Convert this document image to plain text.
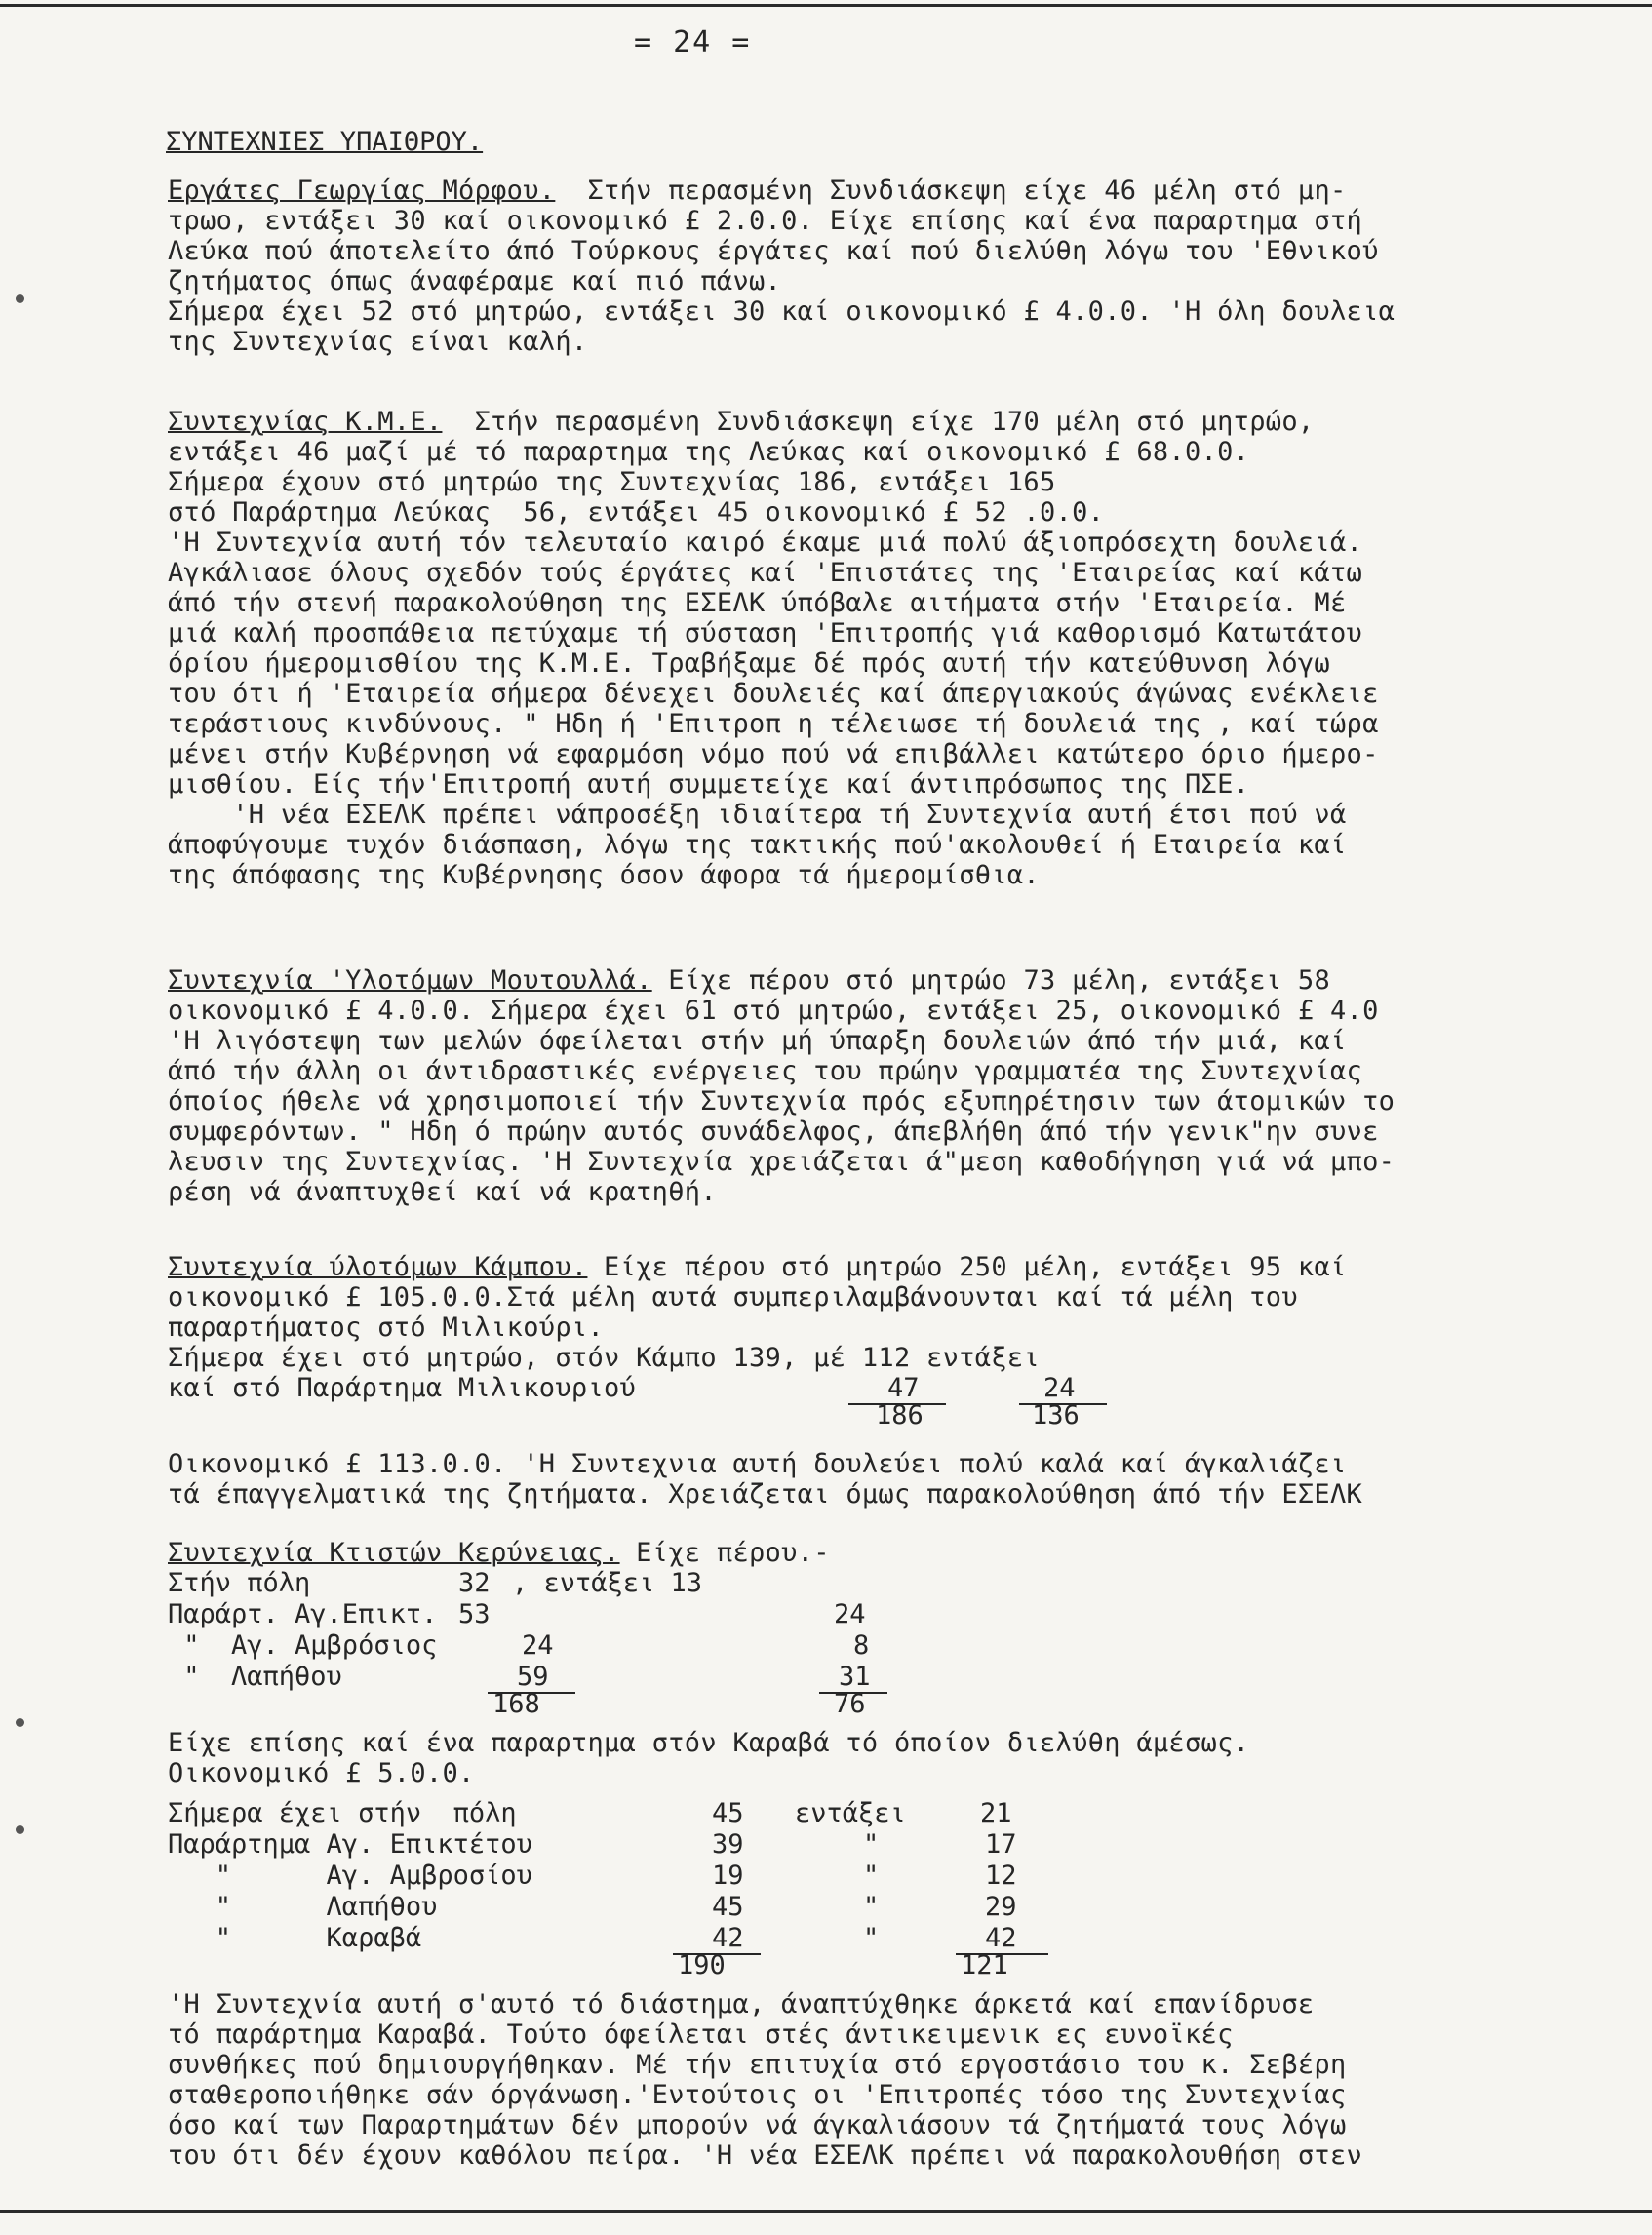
= 24 =
ΣΥΝΤΕΧΝΙΕΣ ΥΠΑΙΘΡΟΥ.
Εργάτες Γεωργίας Μόρφου.  Στήν περασμένη Συνδιάσκεψη είχε 46 μέλη στό μη-
τρωο, εντάξει 30 καί οικονομικό £ 2.0.0. Είχε επίσης καί ένα παραρτημα στή
Λεύκα πού άποτελείτο άπό Τούρκους έργάτες καί πού διελύθη λόγω του 'Εθνικού
ζητήματος όπως άναφέραμε καί πιό πάνω.
Σήμερα έχει 52 στό μητρώο, εντάξει 30 καί οικονομικό £ 4.0.0. 'Η όλη δουλεια
της Συντεχνίας είναι καλή.
Συντεχνίας Κ.Μ.Ε.  Στήν περασμένη Συνδιάσκεψη είχε 170 μέλη στό μητρώο,
εντάξει 46 μαζί μέ τό παραρτημα της Λεύκας καί οικονομικό £ 68.0.0.
Σήμερα έχουν στό μητρώο της Συντεχνίας 186, εντάξει 165
στό Παράρτημα Λεύκας  56, εντάξει 45 οικονομικό £ 52 .0.0.
'Η Συντεχνία αυτή τόν τελευταίο καιρό έκαμε μιά πολύ άξιοπρόσεχτη δουλειά.
Αγκάλιασε όλους σχεδόν τούς έργάτες καί 'Επιστάτες της 'Εταιρείας καί κάτω
άπό τήν στενή παρακολούθηση της ΕΣΕΛΚ ύπόβαλε αιτήματα στήν 'Εταιρεία. Μέ
μιά καλή προσπάθεια πετύχαμε τή σύσταση 'Επιτροπής γιά καθορισμό Κατωτάτου
όρίου ήμερομισθίου της Κ.Μ.Ε. Τραβήξαμε δέ πρός αυτή τήν κατεύθυνση λόγω
του ότι ή 'Εταιρεία σήμερα δένεχει δουλειές καί άπεργιακούς άγώνας ενέκλειε
τεράστιους κινδύνους. " Ηδη ή 'Επιτροπ η τέλειωσε τή δουλειά της , καί τώρα
μένει στήν Κυβέρνηση νά εφαρμόση νόμο πού νά επιβάλλει κατώτερο όριο ήμερο-
μισθίου. Είς τήν'Επιτροπή αυτή συμμετείχε καί άντιπρόσωπος της ΠΣΕ.
'Η νέα ΕΣΕΛΚ πρέπει νάπροσέξη ιδιαίτερα τή Συντεχνία αυτή έτσι πού νά
άποφύγουμε τυχόν διάσπαση, λόγω της τακτικής πού'ακολουθεί ή Εταιρεία καί
της άπόφασης της Κυβέρνησης όσον άφορα τά ήμερομίσθια.
Συντεχνία 'Υλοτόμων Μουτουλλά. Είχε πέρου στό μητρώο 73 μέλη, εντάξει 58
οικονομικό £ 4.0.0. Σήμερα έχει 61 στό μητρώο, εντάξει 25, οικονομικό £ 4.0
'Η λιγόστεψη των μελών όφείλεται στήν μή ύπαρξη δουλειών άπό τήν μιά, καί
άπό τήν άλλη οι άντιδραστικές ενέργειες του πρώην γραμματέα της Συντεχνίας
όποίος ήθελε νά χρησιμοποιεί τήν Συντεχνία πρός εξυπηρέτησιν των άτομικών το
συμφερόντων. " Ηδη ό πρώην αυτός συνάδελφος, άπεβλήθη άπό τήν γενικ"ην συνε
λευσιν της Συντεχνίας. 'Η Συντεχνία χρειάζεται ά"μεση καθοδήγηση γιά νά μπο-
ρέση νά άναπτυχθεί καί νά κρατηθή.
Συντεχνία ύλοτόμων Κάμπου. Είχε πέρου στό μητρώο 250 μέλη, εντάξει 95 καί
οικονομικό £ 105.0.0.Στά μέλη αυτά συμπεριλαμβάνουνται καί τά μέλη του
παραρτήματος στό Μιλικούρι.
Σήμερα έχει στό μητρώο, στόν Κάμπο 139, μέ 112 εντάξει
καί στό Παράρτημα Μιλικουριού	47	24
186	136
Οικονομικό £ 113.0.0. 'Η Συντεχνια αυτή δουλεύει πολύ καλά καί άγκαλιάζει
τά έπαγγελματικά της ζητήματα. Χρειάζεται όμως παρακολούθηση άπό τήν ΕΣΕΛΚ
Συντεχνία Κτιστών Κερύνειας. Είχε πέρου.-
Στήν πόλη	32 , εντάξει 13
Παράρτ. Αγ.Επικτ. 53	24
"  Αγ. Αμβρόσιος	24	8
"  Λαπήθου	59	31
168	76
Είχε επίσης καί ένα παραρτημα στόν Καραβά τό όποίον διελύθη άμέσως.
Οικονομικό £ 5.0.0.
Σήμερα έχει στήν  πόλη	45 εντάξει	21
Παράρτημα Αγ. Επικτέτου	39	"	17
"      Αγ. Αμβροσίου	19	"	12
"      Λαπήθου	45	"	29
"      Καραβά	42	"	42
190	121
'Η Συντεχνία αυτή σ'αυτό τό διάστημα, άναπτύχθηκε άρκετά καί επανίδρυσε
τό παράρτημα Καραβά. Τούτο όφείλεται στές άντικειμενικ ες ευνοϊκές
συνθήκες πού δημιουργήθηκαν. Μέ τήν επιτυχία στό εργοστάσιο του κ. Σεβέρη
σταθεροποιήθηκε σάν όργάνωση.'Εντούτοις οι 'Επιτροπές τόσο της Συντεχνίας
όσο καί των Παραρτημάτων δέν μπορούν νά άγκαλιάσουν τά ζητήματά τους λόγω
του ότι δέν έχουν καθόλου πείρα. 'Η νέα ΕΣΕΛΚ πρέπει νά παρακολουθήση στεν
